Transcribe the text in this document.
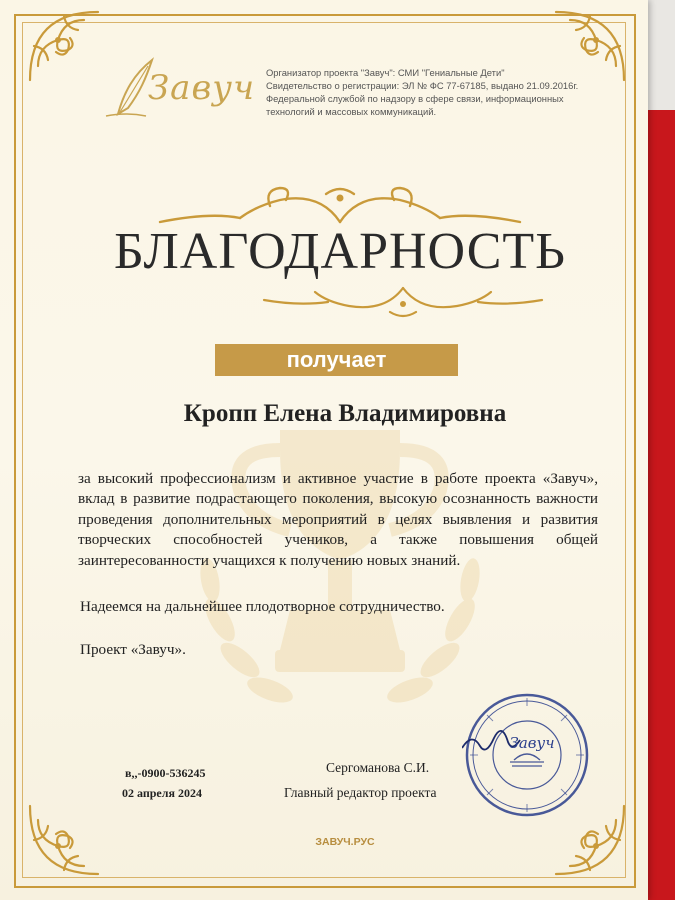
Завуч Организатор проекта "Завуч": СМИ "Гениальные Дети"
Свидетельство о регистрации: ЭЛ № ФС 77-67185, выдано 21.09.2016г.
Федеральной службой по надзору в сфере связи, информационных
технологий и массовых коммуникаций.
БЛАГОДАРНОСТЬ
получает
Кропп Елена Владимировна
за высокий профессионализм и активное участие в работе проекта «Завуч», вклад в развитие подрастающего поколения, высокую осознанность важности проведения дополнительных мероприятий в целях выявления и развития творческих способностей учеников, а также повышения общей заинтересованности учащихся к получению новых знаний.
Надеемся на дальнейшее плодотворное сотрудничество.
Проект «Завуч».
в,,-0900-536245
02 апреля 2024
Сергоманова С.И.
Главный редактор проекта
Завуч
ЗАВУЧ.РУС
